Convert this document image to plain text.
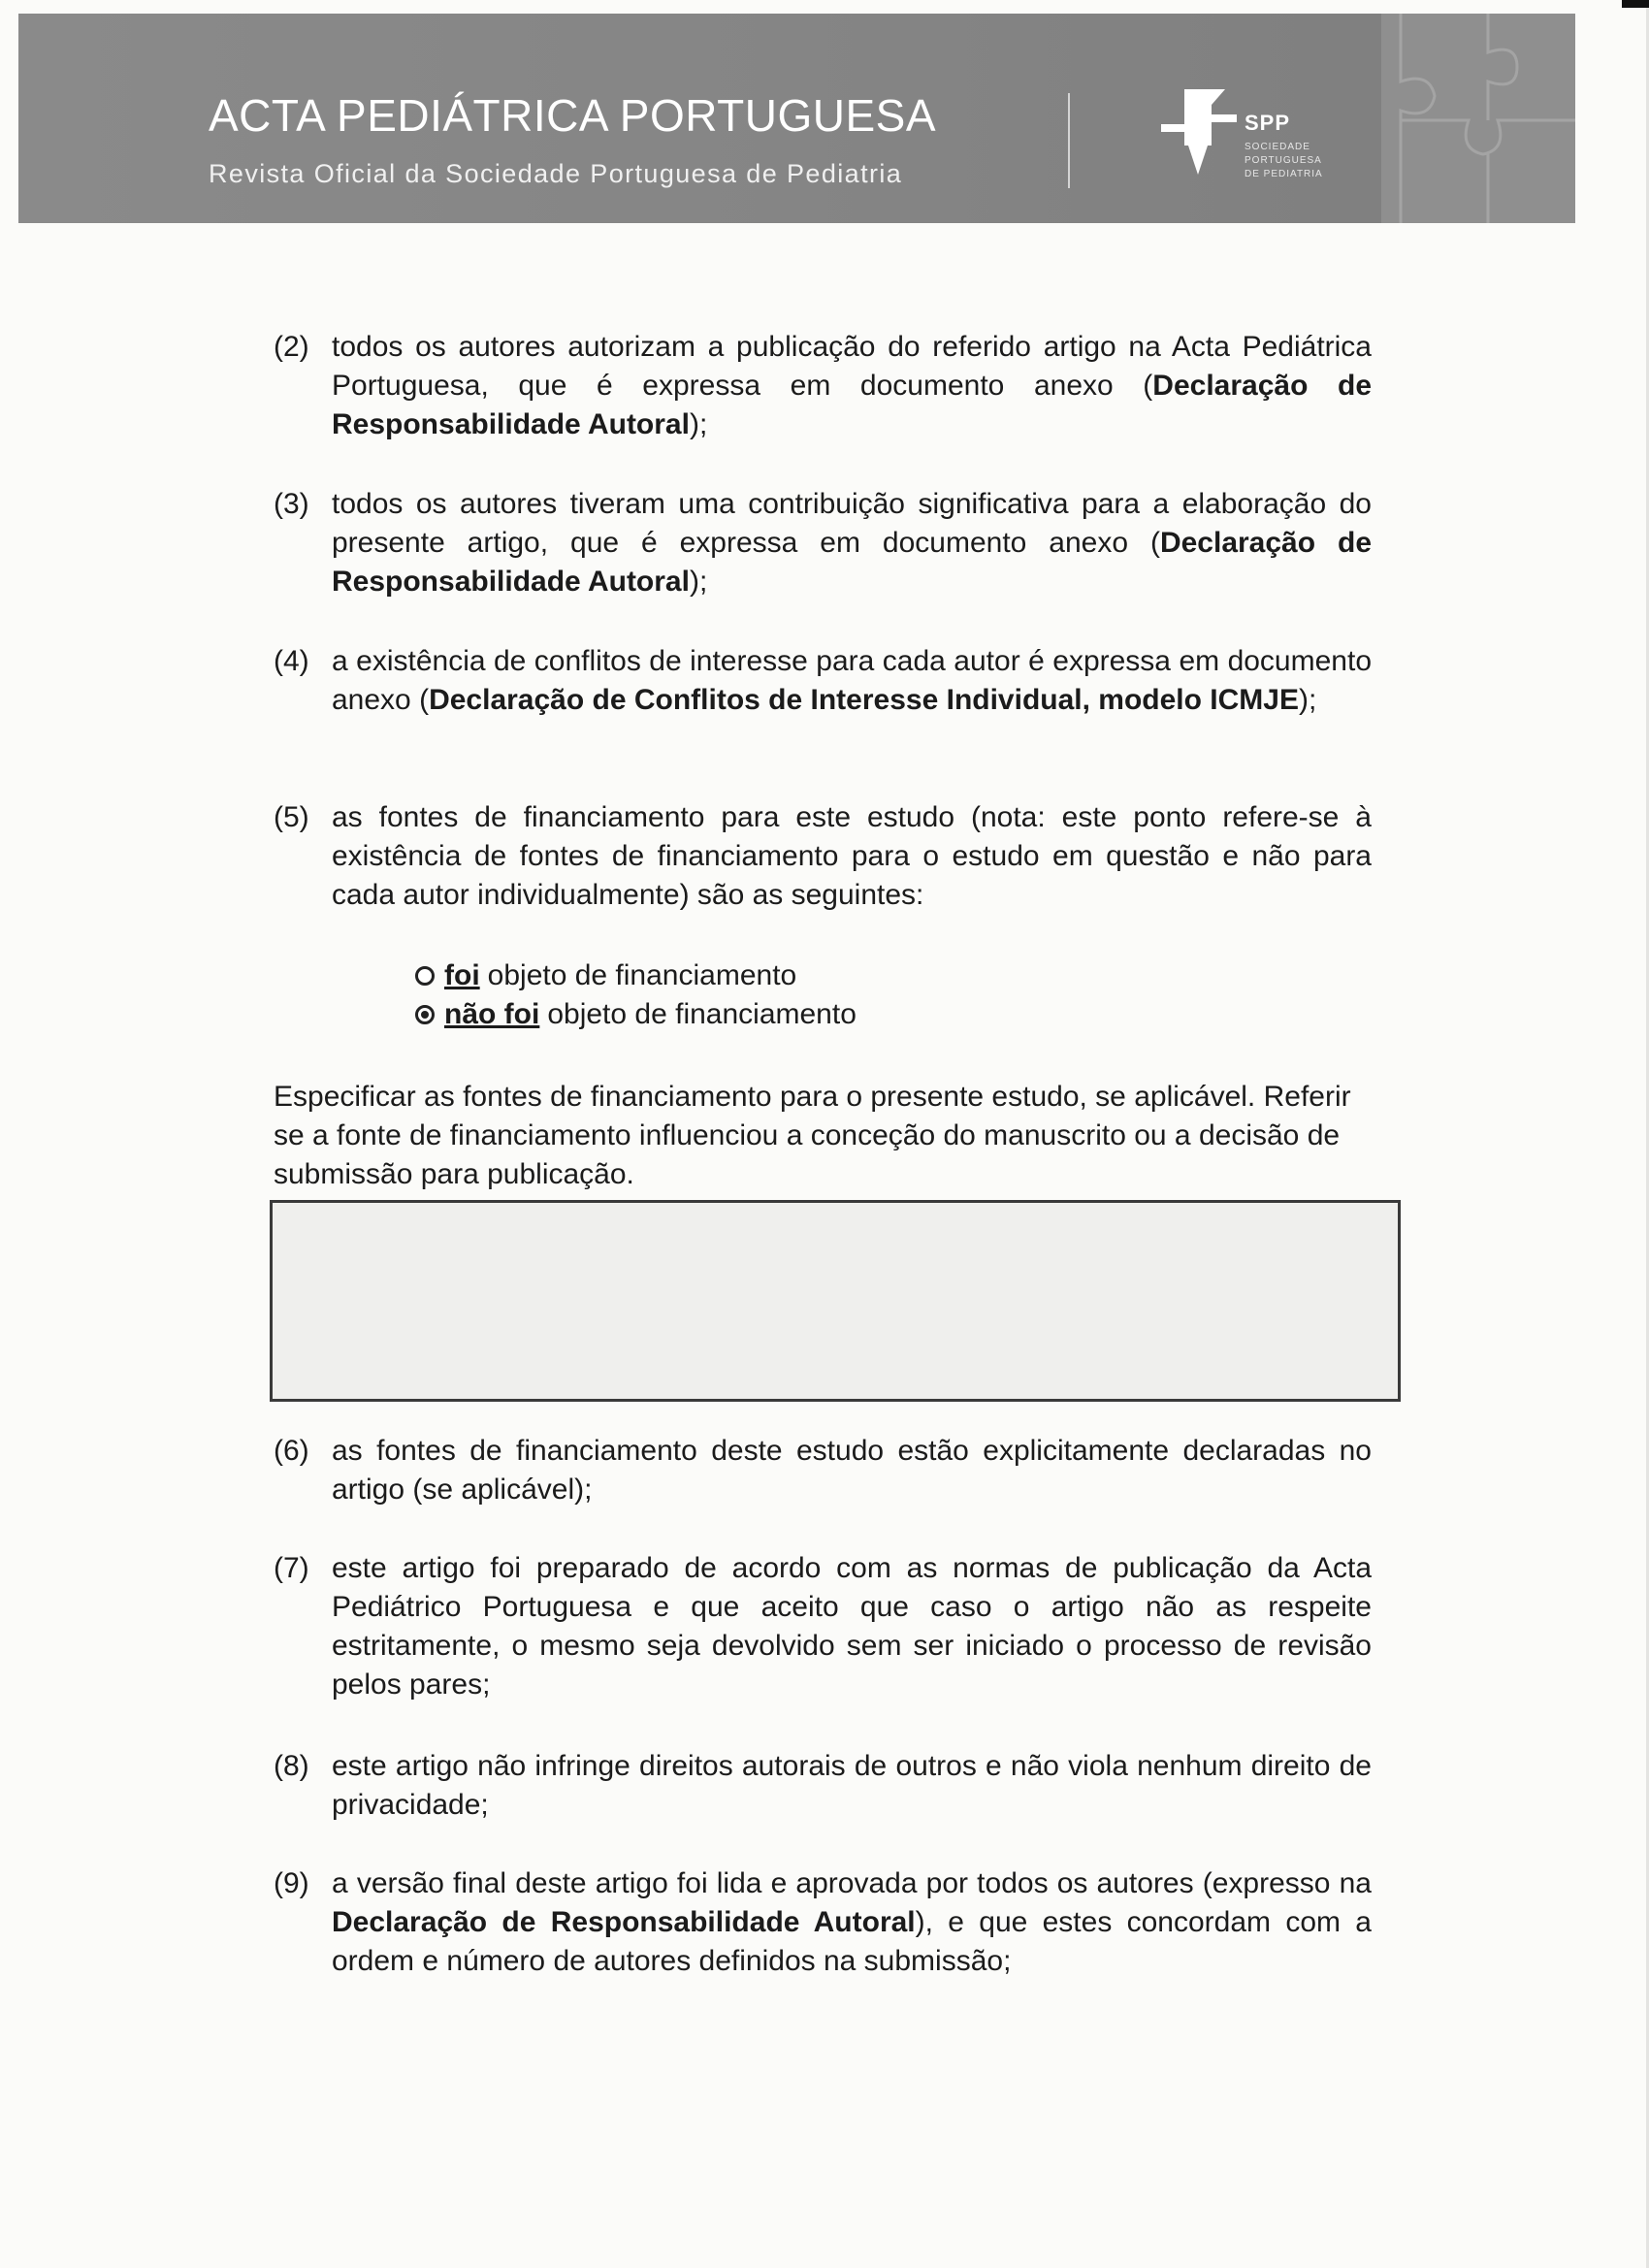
ACTA PEDIÁTRICA PORTUGUESA
Revista Oficial da Sociedade Portuguesa de Pediatria
SPP
SOCIEDADE
PORTUGUESA
DE PEDIATRIA
(2) todos os autores autorizam a publicação do referido artigo na Acta Pediátrica Portuguesa, que é expressa em documento anexo (Declaração de Responsabilidade Autoral);
(3) todos os autores tiveram uma contribuição significativa para a elaboração do presente artigo, que é expressa em documento anexo (Declaração de Responsabilidade Autoral);
(4) a existência de conflitos de interesse para cada autor é expressa em documento anexo (Declaração de Conflitos de Interesse Individual, modelo ICMJE);
(5) as fontes de financiamento para este estudo (nota: este ponto refere-se à existência de fontes de financiamento para o estudo em questão e não para cada autor individualmente) são as seguintes:
foi objeto de financiamento
não foi objeto de financiamento
Especificar as fontes de financiamento para o presente estudo, se aplicável. Referir se a fonte de financiamento influenciou a conceção do manuscrito ou a decisão de submissão para publicação.
(6) as fontes de financiamento deste estudo estão explicitamente declaradas no artigo (se aplicável);
(7) este artigo foi preparado de acordo com as normas de publicação da Acta Pediátrico Portuguesa e que aceito que caso o artigo não as respeite estritamente, o mesmo seja devolvido sem ser iniciado o processo de revisão pelos pares;
(8) este artigo não infringe direitos autorais de outros e não viola nenhum direito de privacidade;
(9) a versão final deste artigo foi lida e aprovada por todos os autores (expresso na Declaração de Responsabilidade Autoral), e que estes concordam com a ordem e número de autores definidos na submissão;
